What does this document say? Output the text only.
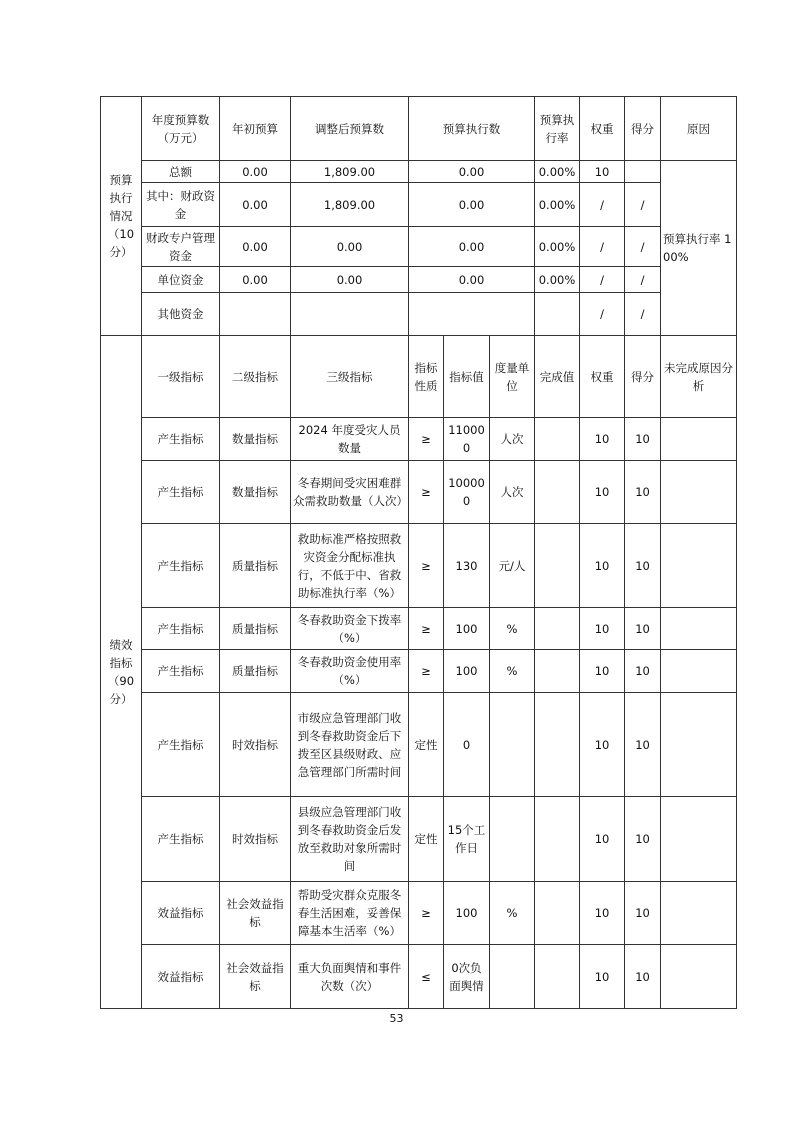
预算执行情况（10分）	年度预算数（万元）	年初预算	调整后预算数	预算执行数			预算执行率	权重	得分	原因
	总额	0.00	1,809.00	0.00			0.00%	10		预算执行率 100%
	其中：财政资金	0.00	1,809.00	0.00			0.00%	/	/	
	财政专户管理资金	0.00	0.00	0.00			0.00%	/	/	
	单位资金	0.00	0.00	0.00			0.00%	/	/	
	其他资金							/	/	
绩效指标（90分）	一级指标	二级指标	三级指标	指标性质	指标值	度量单位	完成值	权重	得分	未完成原因分析
	产生指标	数量指标	2024 年度受灾人员数量	≥	110000	人次		10	10	
	产生指标	数量指标	冬春期间受灾困难群众需救助数量（人次）	≥	100000	人次		10	10	
	产生指标	质量指标	救助标准严格按照救灾资金分配标准执行，不低于中、省救助标准执行率（%）	≥	130	元/人		10	10	
	产生指标	质量指标	冬春救助资金下拨率（%）	≥	100	%		10	10	
	产生指标	质量指标	冬春救助资金使用率（%）	≥	100	%		10	10	
	产生指标	时效指标	市级应急管理部门收到冬春救助资金后下拨至区县级财政、应急管理部门所需时间	定性	0			10	10	
	产生指标	时效指标	县级应急管理部门收到冬春救助资金后发放至救助对象所需时间	定性	15个工作日			10	10	
	效益指标	社会效益指标	帮助受灾群众克服冬春生活困难，妥善保障基本生活率（%）	≥	100	%		10	10	
	效益指标	社会效益指标	重大负面舆情和事件次数（次）	≤	0次负面舆情			10	10	
53
